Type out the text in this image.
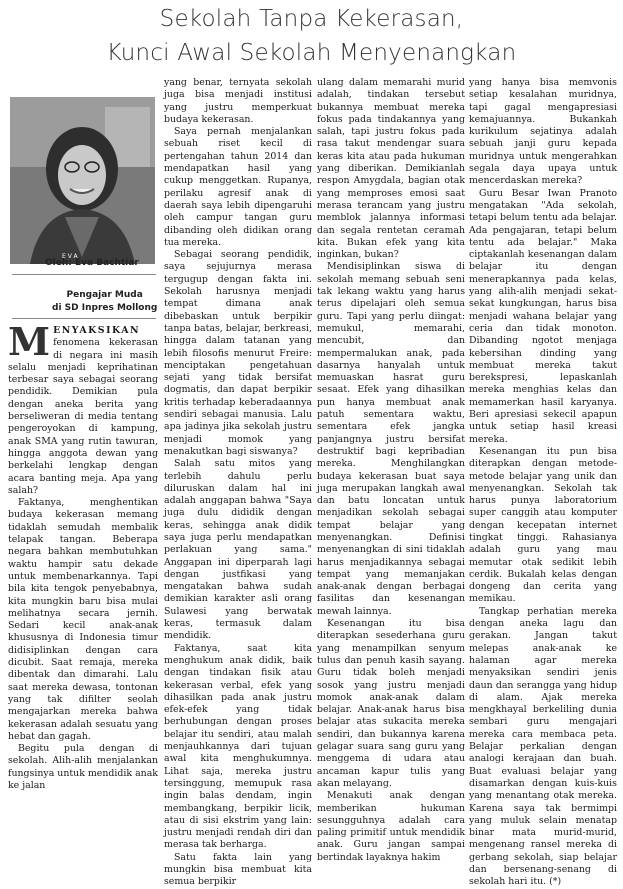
Sekolah Tanpa Kekerasan,
Kunci Awal Sekolah Menyenangkan
EVA
Oleh: Eva Bachtiar
Pengajar Muda
di SD Inpres Mollong

MENYAKSIKAN fenomena kekerasan di negara ini masih selalu menjadi keprihatinan terbesar saya sebagai seorang pendidik. Demikian pula dengan aneka berita yang berseliweran di media tentang pengeroyokan di kampung, anak SMA yang rutin tawuran, hingga anggota dewan yang berkelahi lengkap dengan acara banting meja. Apa yang salah?

Faktanya, menghentikan budaya kekerasan memang tidaklah semudah membalik telapak tangan. Beberapa negara bahkan membutuhkan waktu hampir satu dekade untuk membenarkannya. Tapi bila kita tengok penyebabnya, kita mungkin baru bisa mulai melihatnya secara jernih. Sedari kecil anak-anak khususnya di Indonesia timur didisiplinkan dengan cara dicubit. Saat remaja, mereka dibentak dan dimarahi. Lalu saat mereka dewasa, tontonan yang tak difilter seolah mengajarkan mereka bahwa kekerasan adalah sesuatu yang hebat dan gagah.

Begitu pula dengan di sekolah. Alih-alih menjalankan fungsinya untuk mendidik anak ke jalan

yang benar, ternyata sekolah juga bisa menjadi institusi yang justru memperkuat budaya kekerasan.

Saya pernah menjalankan sebuah riset kecil di pertengahan tahun 2014 dan mendapatkan hasil yang cukup menggetkan. Rupanya, perilaku agresif anak di daerah saya lebih dipengaruhi oleh campur tangan guru dibanding oleh didikan orang tua mereka.

Sebagai seorang pendidik, saya sejujurnya merasa tergugup dengan fakta ini. Sekolah harusnya menjadi tempat dimana anak dibebaskan untuk berpikir tanpa batas, belajar, berkreasi, hingga dalam tatanan yang lebih filosofis menurut Freire: menciptakan pengetahuan sejati yang tidak bersifat dogmatis, dan dapat berpikir kritis terhadap keberadaannya sendiri sebagai manusia. Lalu apa jadinya jika sekolah justru menjadi momok yang menakutkan bagi siswanya?

Salah satu mitos yang terlebih dahulu perlu diluruskan dalam hal ini adalah anggapan bahwa "Saya juga dulu dididik dengan keras, sehingga anak didik saya juga perlu mendapatkan perlakuan yang sama." Anggapan ini diperparah lagi dengan justfikasi yang mengatakan bahwa sudah demikian karakter asli orang Sulawesi yang berwatak keras, termasuk dalam mendidik.

Faktanya, saat kita menghukum anak didik, baik dengan tindakan fisik atau kekerasan verbal, efek yang dihasilkan pada anak justru efek-efek yang tidak berhubungan dengan proses belajar itu sendiri, atau malah menjauhkannya dari tujuan awal kita menghukumnya. Lihat saja, mereka justru tersinggung, memupuk rasa ingin balas dendam, ingin membangkang, berpikir licik, atau di sisi ekstrim yang lain: justru menjadi rendah diri dan merasa tak berharga.

Satu fakta lain yang mungkin bisa membuat kita semua berpikir

ulang dalam memarahi murid adalah, tindakan tersebut bukannya membuat mereka fokus pada tindakannya yang salah, tapi justru fokus pada rasa takut mendengar suara keras kita atau pada hukuman yang diberikan. Demikianlah respon Amygdala, bagian otak yang memproses emosi saat merasa terancam yang justru memblok jalannya informasi dan segala rentetan ceramah kita. Bukan efek yang kita inginkan, bukan?

Mendisiplinkan siswa di sekolah memang sebuah seni tak lekang waktu yang harus terus dipelajari oleh semua guru. Tapi yang perlu diingat: memukul, memarahi, mencubit, dan mempermalukan anak, pada dasarnya hanyalah untuk memuaskan hasrat guru sesaat. Efek yang dihasilkan pun hanya membuat anak patuh sementara waktu, sementara efek jangka panjangnya justru bersifat destruktif bagi kepribadian mereka. Menghilangkan budaya kekerasan buat saya juga merupakan langkah awal dan batu loncatan untuk menjadikan sekolah sebagai tempat belajar yang menyenangkan. Definisi menyenangkan di sini tidaklah harus menjadikannya sebagai tempat yang memanjakan anak-anak dengan berbagai fasilitas dan kesenangan mewah lainnya.

Kesenangan itu bisa diterapkan sesederhana guru yang menampilkan senyum tulus dan penuh kasih sayang. Guru tidak boleh menjadi sosok yang justru menjadi momok anak-anak dalam belajar. Anak-anak harus bisa belajar atas sukacita mereka sendiri, dan bukannya karena gelagar suara sang guru yang menggema di udara atau ancaman kapur tulis yang akan melayang.

Menakuti anak dengan memberikan hukuman sesungguhnya adalah cara paling primitif untuk mendidik anak. Guru jangan sampai bertindak layaknya hakim

yang hanya bisa memvonis setiap kesalahan muridnya, tapi gagal mengapresiasi kemajuannya. Bukankah kurikulum sejatinya adalah sebuah janji guru kepada muridnya untuk mengerahkan segala daya upaya untuk mencerdaskan mereka?

Guru Besar Iwan Pranoto mengatakan "Ada sekolah, tetapi belum tentu ada belajar. Ada pengajaran, tetapi belum tentu ada belajar." Maka ciptakanlah kesenangan dalam belajar itu dengan menerapkannya pada kelas, yang alih-alih menjadi sekat-sekat kungkungan, harus bisa menjadi wahana belajar yang ceria dan tidak monoton. Dibanding ngotot menjaga kebersihan dinding yang membuat mereka takut berekspresi, lepaskanlah mereka menghias kelas dan memamerkan hasil karyanya. Beri apresiasi sekecil apapun untuk setiap hasil kreasi mereka.

Kesenangan itu pun bisa diterapkan dengan metode-metode belajar yang unik dan menyenangkan. Sekolah tak harus punya laboratorium super canggih atau komputer dengan kecepatan internet tingkat tinggi. Rahasianya adalah guru yang mau memutar otak sedikit lebih cerdik. Bukalah kelas dengan dongeng dan cerita yang memikau.

Tangkap perhatian mereka dengan aneka lagu dan gerakan. Jangan takut melepas anak-anak ke halaman agar mereka menyaksikan sendiri jenis daun dan serangga yang hidup di alam. Ajak mereka mengkhayal berkeliling dunia sembari guru mengajari mereka cara membaca peta. Belajar perkalian dengan analogi kerajaan dan buah. Buat evaluasi belajar yang disamarkan dengan kuis-kuis yang menantang otak mereka. Karena saya tak bermimpi yang muluk selain menatap binar mata murid-murid, mengenang ransel mereka di gerbang sekolah, siap belajar dan bersenang-senang di sekolah hari itu. (*)
